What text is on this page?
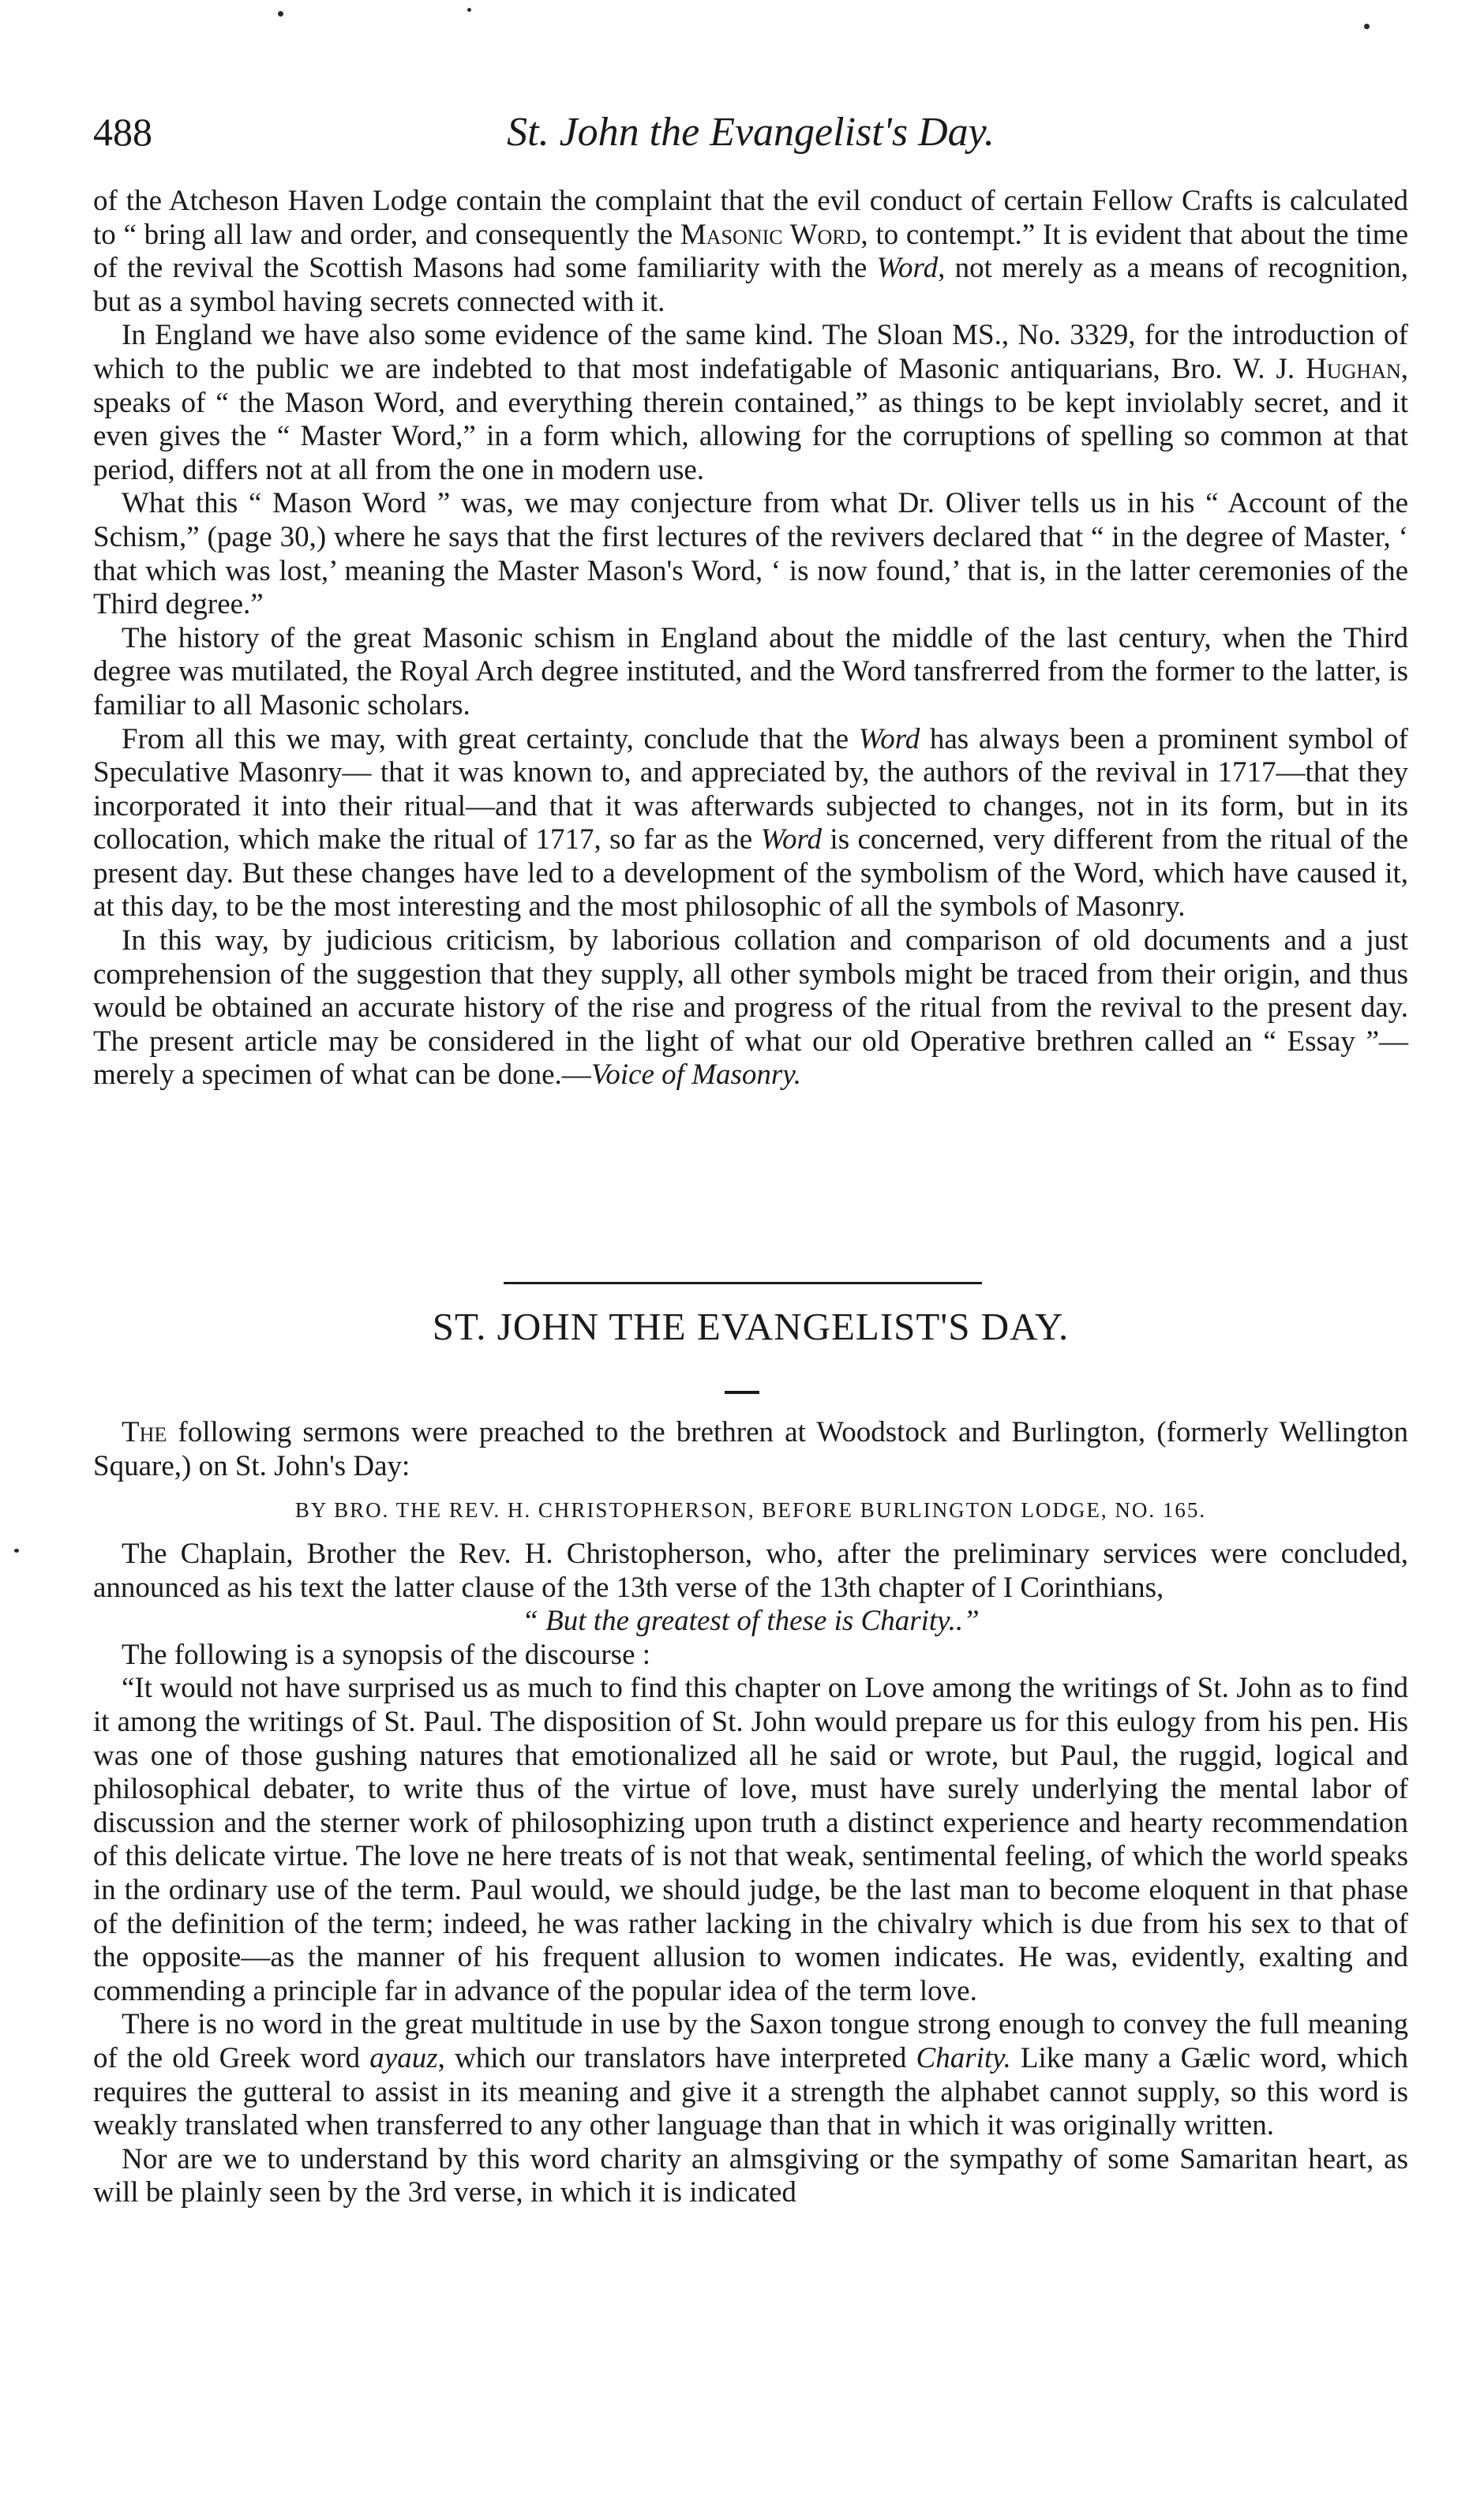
488	St. John the Evangelist's Day.

of the Atcheson Haven Lodge contain the complaint that the evil conduct of certain Fellow Crafts is calculated to “ bring all law and order, and consequently the Masonic Word, to contempt.” It is evident that about the time of the revival the Scottish Masons had some familiarity with the Word, not merely as a means of recognition, but as a symbol having secrets connected with it.

In England we have also some evidence of the same kind. The Sloan MS., No. 3329, for the introduction of which to the public we are indebted to that most indefatigable of Masonic antiquarians, Bro. W. J. Hughan, speaks of “ the Mason Word, and everything therein contained,” as things to be kept inviolably secret, and it even gives the “ Master Word,” in a form which, allowing for the corruptions of spelling so common at that period, differs not at all from the one in modern use.

What this “ Mason Word ” was, we may conjecture from what Dr. Oliver tells us in his “ Account of the Schism,” (page 30,) where he says that the first lectures of the revivers declared that “ in the degree of Master, ‘ that which was lost,’ meaning the Master Mason's Word, ‘ is now found,’ that is, in the latter ceremonies of the Third degree.”

The history of the great Masonic schism in England about the middle of the last century, when the Third degree was mutilated, the Royal Arch degree instituted, and the Word tansfrerred from the former to the latter, is familiar to all Masonic scholars.

From all this we may, with great certainty, conclude that the Word has always been a prominent symbol of Speculative Masonry— that it was known to, and appreciated by, the authors of the revival in 1717—that they incorporated it into their ritual—and that it was afterwards subjected to changes, not in its form, but in its collocation, which make the ritual of 1717, so far as the Word is concerned, very different from the ritual of the present day. But these changes have led to a development of the symbolism of the Word, which have caused it, at this day, to be the most interesting and the most philosophic of all the symbols of Masonry.

In this way, by judicious criticism, by laborious collation and comparison of old documents and a just comprehension of the suggestion that they supply, all other symbols might be traced from their origin, and thus would be obtained an accurate history of the rise and progress of the ritual from the revival to the present day. The present article may be considered in the light of what our old Operative brethren called an “ Essay ”—merely a specimen of what can be done.—Voice of Masonry.

ST. JOHN THE EVANGELIST'S DAY.

The following sermons were preached to the brethren at Woodstock and Burlington, (formerly Wellington Square,) on St. John's Day:

BY BRO. THE REV. H. CHRISTOPHERSON, BEFORE BURLINGTON LODGE, NO. 165.

The Chaplain, Brother the Rev. H. Christopherson, who, after the preliminary services were concluded, announced as his text the latter clause of the 13th verse of the 13th chapter of I Corinthians,

“ But the greatest of these is Charity..”

The following is a synopsis of the discourse :

“It would not have surprised us as much to find this chapter on Love among the writings of St. John as to find it among the writings of St. Paul. The disposition of St. John would prepare us for this eulogy from his pen. His was one of those gushing natures that emotionalized all he said or wrote, but Paul, the ruggid, logical and philosophical debater, to write thus of the virtue of love, must have surely underlying the mental labor of discussion and the sterner work of philosophizing upon truth a distinct experience and hearty recommendation of this delicate virtue. The love ne here treats of is not that weak, sentimental feeling, of which the world speaks in the ordinary use of the term. Paul would, we should judge, be the last man to become eloquent in that phase of the definition of the term; indeed, he was rather lacking in the chivalry which is due from his sex to that of the opposite—as the manner of his frequent allusion to women indicates. He was, evidently, exalting and commending a principle far in advance of the popular idea of the term love.

There is no word in the great multitude in use by the Saxon tongue strong enough to convey the full meaning of the old Greek word ayauz, which our translators have interpreted Charity. Like many a Gælic word, which requires the gutteral to assist in its meaning and give it a strength the alphabet cannot supply, so this word is weakly translated when transferred to any other language than that in which it was originally written.

Nor are we to understand by this word charity an almsgiving or the sympathy of some Samaritan heart, as will be plainly seen by the 3rd verse, in which it is indicated
